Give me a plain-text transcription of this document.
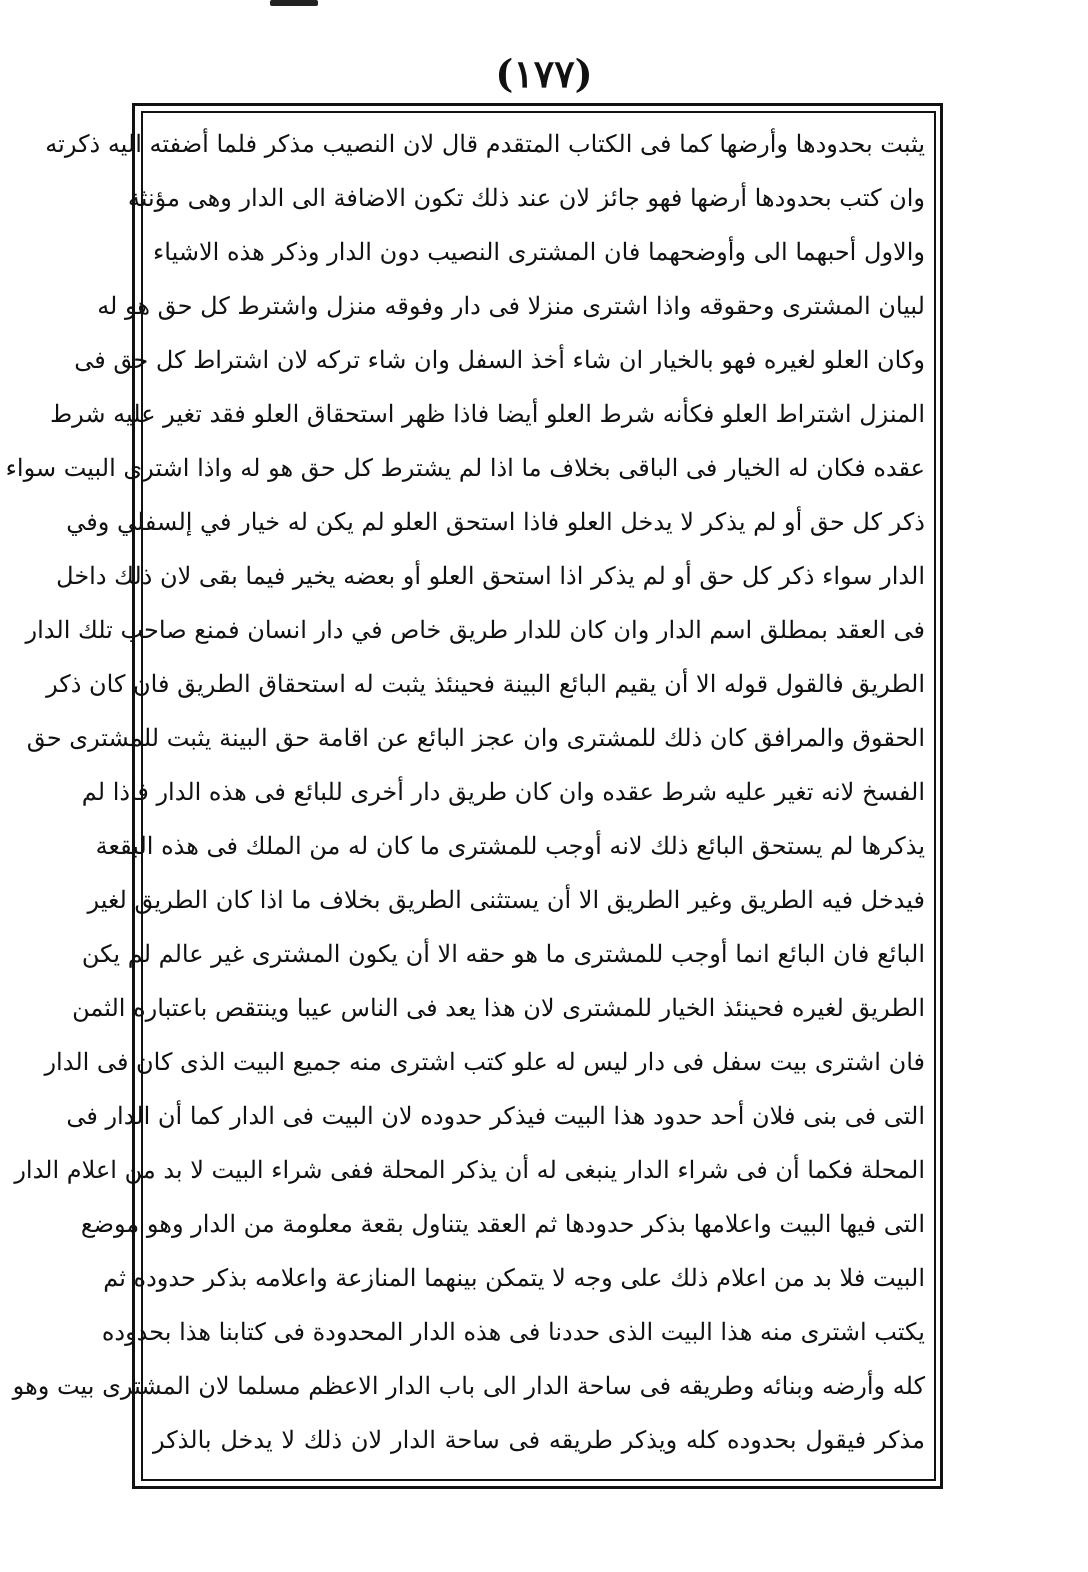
(١٧٧)
يثبت بحدودها وأرضها كما فى الكتاب المتقدم قال لان النصيب مذكر فلما أضفته اليه ذكرته
وان كتب بحدودها أرضها فهو جائز لان عند ذلك تكون الاضافة الى الدار وهى مؤنثة
والاول أحبهما الى وأوضحهما فان المشترى النصيب دون الدار وذكر هذه الاشياء
لبيان المشترى وحقوقه واذا اشترى منزلا فى دار وفوقه منزل واشترط كل حق هو له
وكان العلو لغيره فهو بالخيار ان شاء أخذ السفل وان شاء تركه لان اشتراط كل حق فى
المنزل اشتراط العلو فكأنه شرط العلو أيضا فاذا ظهر استحقاق العلو فقد تغير عليه شرط
عقده فكان له الخيار فى الباقى بخلاف ما اذا لم يشترط كل حق هو له واذا اشترى البيت سواء
ذكر كل حق أو لم يذكر لا يدخل العلو فاذا استحق العلو لم يكن له خيار في إلسفلي وفي
الدار سواء ذكر كل حق أو لم يذكر اذا استحق العلو أو بعضه يخير فيما بقى لان ذلك داخل
فى العقد بمطلق اسم الدار وان كان للدار طريق خاص في دار انسان فمنع صاحب تلك الدار
الطريق فالقول قوله الا أن يقيم البائع البينة فحينئذ يثبت له استحقاق الطريق فان كان ذكر
الحقوق والمرافق كان ذلك للمشترى وان عجز البائع عن اقامة حق البينة يثبت للمشترى حق
الفسخ لانه تغير عليه شرط عقده وان كان طريق دار أخرى للبائع فى هذه الدار فاذا لم
يذكرها لم يستحق البائع ذلك لانه أوجب للمشترى ما كان له من الملك فى هذه البقعة
فيدخل فيه الطريق وغير الطريق الا أن يستثنى الطريق بخلاف ما اذا كان الطريق لغير
البائع فان البائع انما أوجب للمشترى ما هو حقه الا أن يكون المشترى غير عالم لم يكن
الطريق لغيره فحينئذ الخيار للمشترى لان هذا يعد فى الناس عيبا وينتقص باعتباره الثمن
فان اشترى بيت سفل فى دار ليس له علو كتب اشترى منه جميع البيت الذى كان فى الدار
التى فى بنى فلان أحد حدود هذا البيت فيذكر حدوده لان البيت فى الدار كما أن الدار فى
المحلة فكما أن فى شراء الدار ينبغى له أن يذكر المحلة ففى شراء البيت لا بد من اعلام الدار
التى فيها البيت واعلامها بذكر حدودها ثم العقد يتناول بقعة معلومة من الدار وهو موضع
البيت فلا بد من اعلام ذلك على وجه لا يتمكن بينهما المنازعة واعلامه بذكر حدوده ثم
يكتب اشترى منه هذا البيت الذى حددنا فى هذه الدار المحدودة فى كتابنا هذا بحدوده
كله وأرضه وبنائه وطريقه فى ساحة الدار الى باب الدار الاعظم مسلما لان المشترى بيت وهو
مذكر فيقول بحدوده كله ويذكر طريقه فى ساحة الدار لان ذلك لا يدخل بالذكر
